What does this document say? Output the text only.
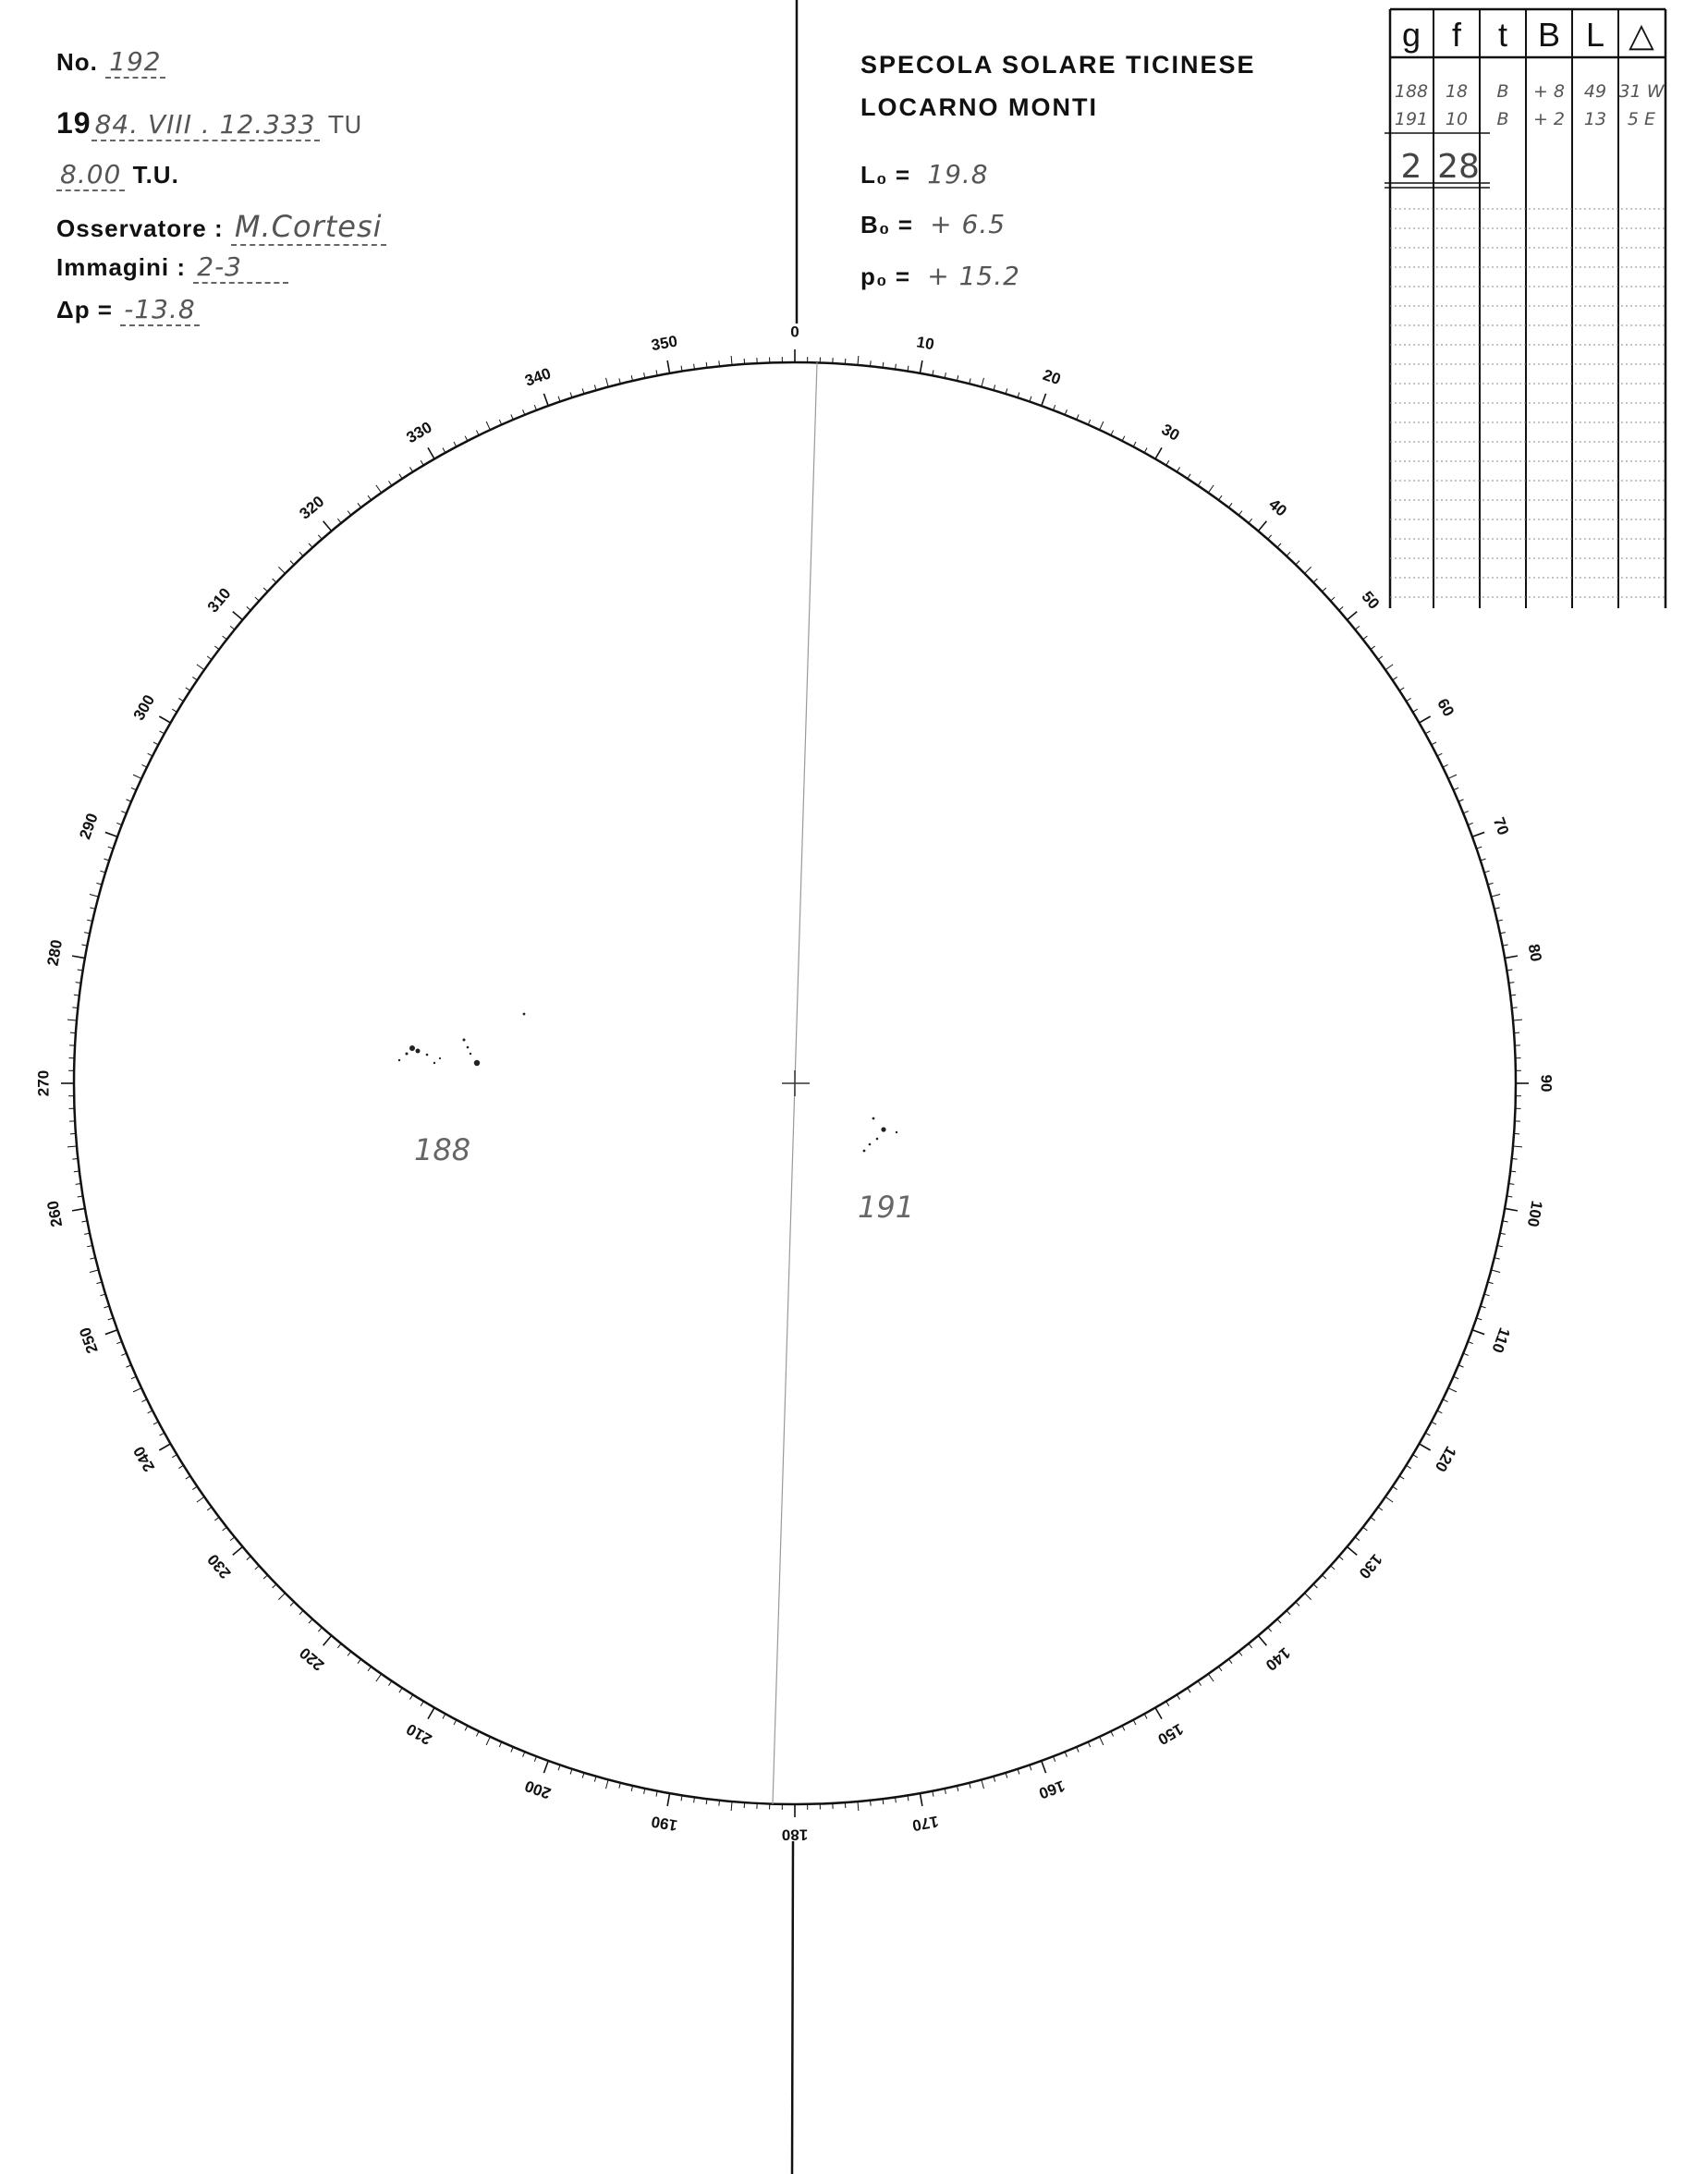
0
10
20
30
40
50
60
70
80
90
100
110
120
130
140
150
160
170
180
190
200
210
220
230
240
250
260
270
280
290
300
310
320
330
340
350
188
191
g f t B L △
188 18 B + 8 49 31 W
191 10 B + 2 13 5 E
2 28
No. 192
19 84. VIII . 12.333 TU
8.00 T.U.
Osservatore : M.Cortesi
Immagini : 2-3
Δp = -13.8
SPECOLA SOLARE TICINESE
LOCARNO MONTI
L₀ = 19.8
B₀ = + 6.5
p₀ = + 15.2
